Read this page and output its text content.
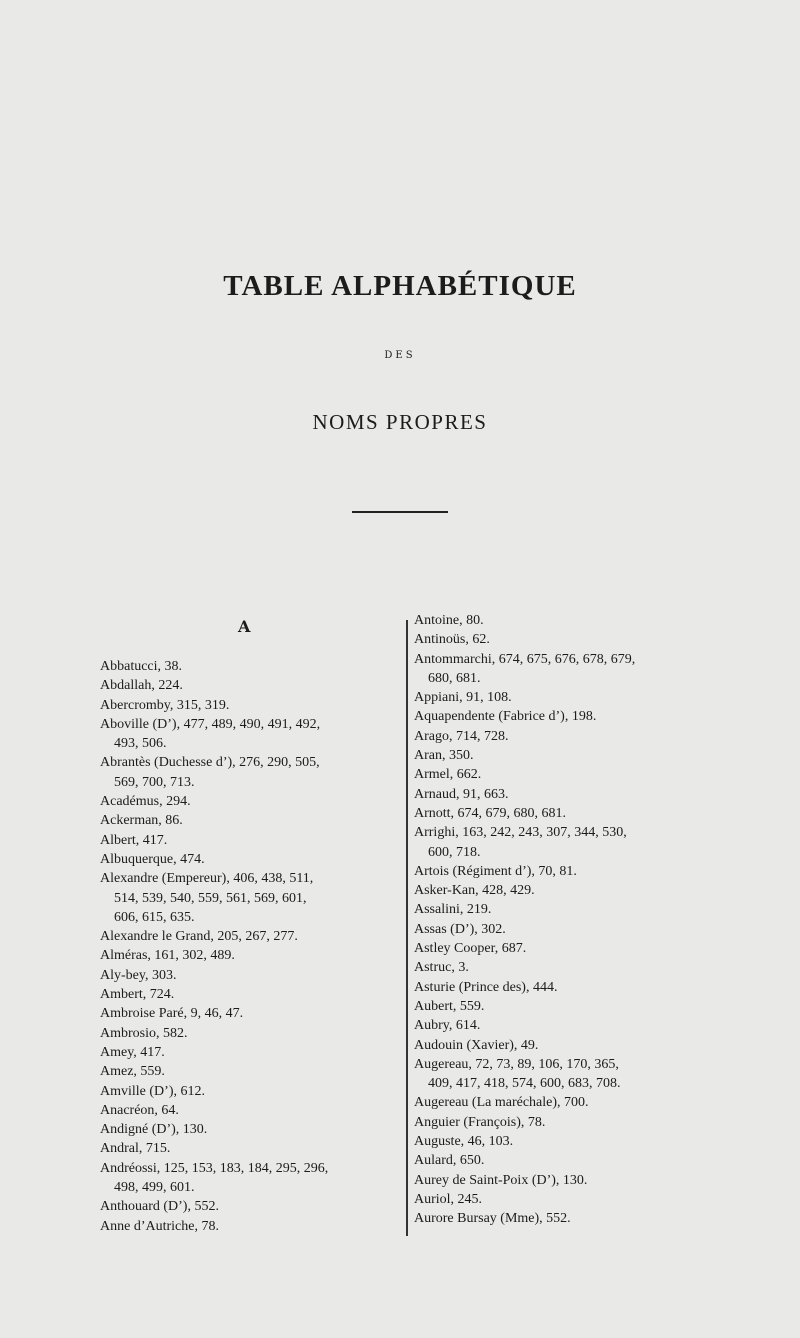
TABLE ALPHABÉTIQUE
DES
NOMS PROPRES
A
Abbatucci, 38.
Abdallah, 224.
Abercromby, 315, 319.
Aboville (D’), 477, 489, 490, 491, 492,
493, 506.
Abrantès (Duchesse d’), 276, 290, 505,
569, 700, 713.
Académus, 294.
Ackerman, 86.
Albert, 417.
Albuquerque, 474.
Alexandre (Empereur), 406, 438, 511,
514, 539, 540, 559, 561, 569, 601,
606, 615, 635.
Alexandre le Grand, 205, 267, 277.
Alméras, 161, 302, 489.
Aly-bey, 303.
Ambert, 724.
Ambroise Paré, 9, 46, 47.
Ambrosio, 582.
Amey, 417.
Amez, 559.
Amville (D’), 612.
Anacréon, 64.
Andigné (D’), 130.
Andral, 715.
Andréossi, 125, 153, 183, 184, 295, 296,
498, 499, 601.
Anthouard (D’), 552.
Anne d’Autriche, 78.
Antoine, 80.
Antinoüs, 62.
Antommarchi, 674, 675, 676, 678, 679,
680, 681.
Appiani, 91, 108.
Aquapendente (Fabrice d’), 198.
Arago, 714, 728.
Aran, 350.
Armel, 662.
Arnaud, 91, 663.
Arnott, 674, 679, 680, 681.
Arrighi, 163, 242, 243, 307, 344, 530,
600, 718.
Artois (Régiment d’), 70, 81.
Asker-Kan, 428, 429.
Assalini, 219.
Assas (D’), 302.
Astley Cooper, 687.
Astruc, 3.
Asturie (Prince des), 444.
Aubert, 559.
Aubry, 614.
Audouin (Xavier), 49.
Augereau, 72, 73, 89, 106, 170, 365,
409, 417, 418, 574, 600, 683, 708.
Augereau (La maréchale), 700.
Anguier (François), 78.
Auguste, 46, 103.
Aulard, 650.
Aurey de Saint-Poix (D’), 130.
Auriol, 245.
Aurore Bursay (Mme), 552.
